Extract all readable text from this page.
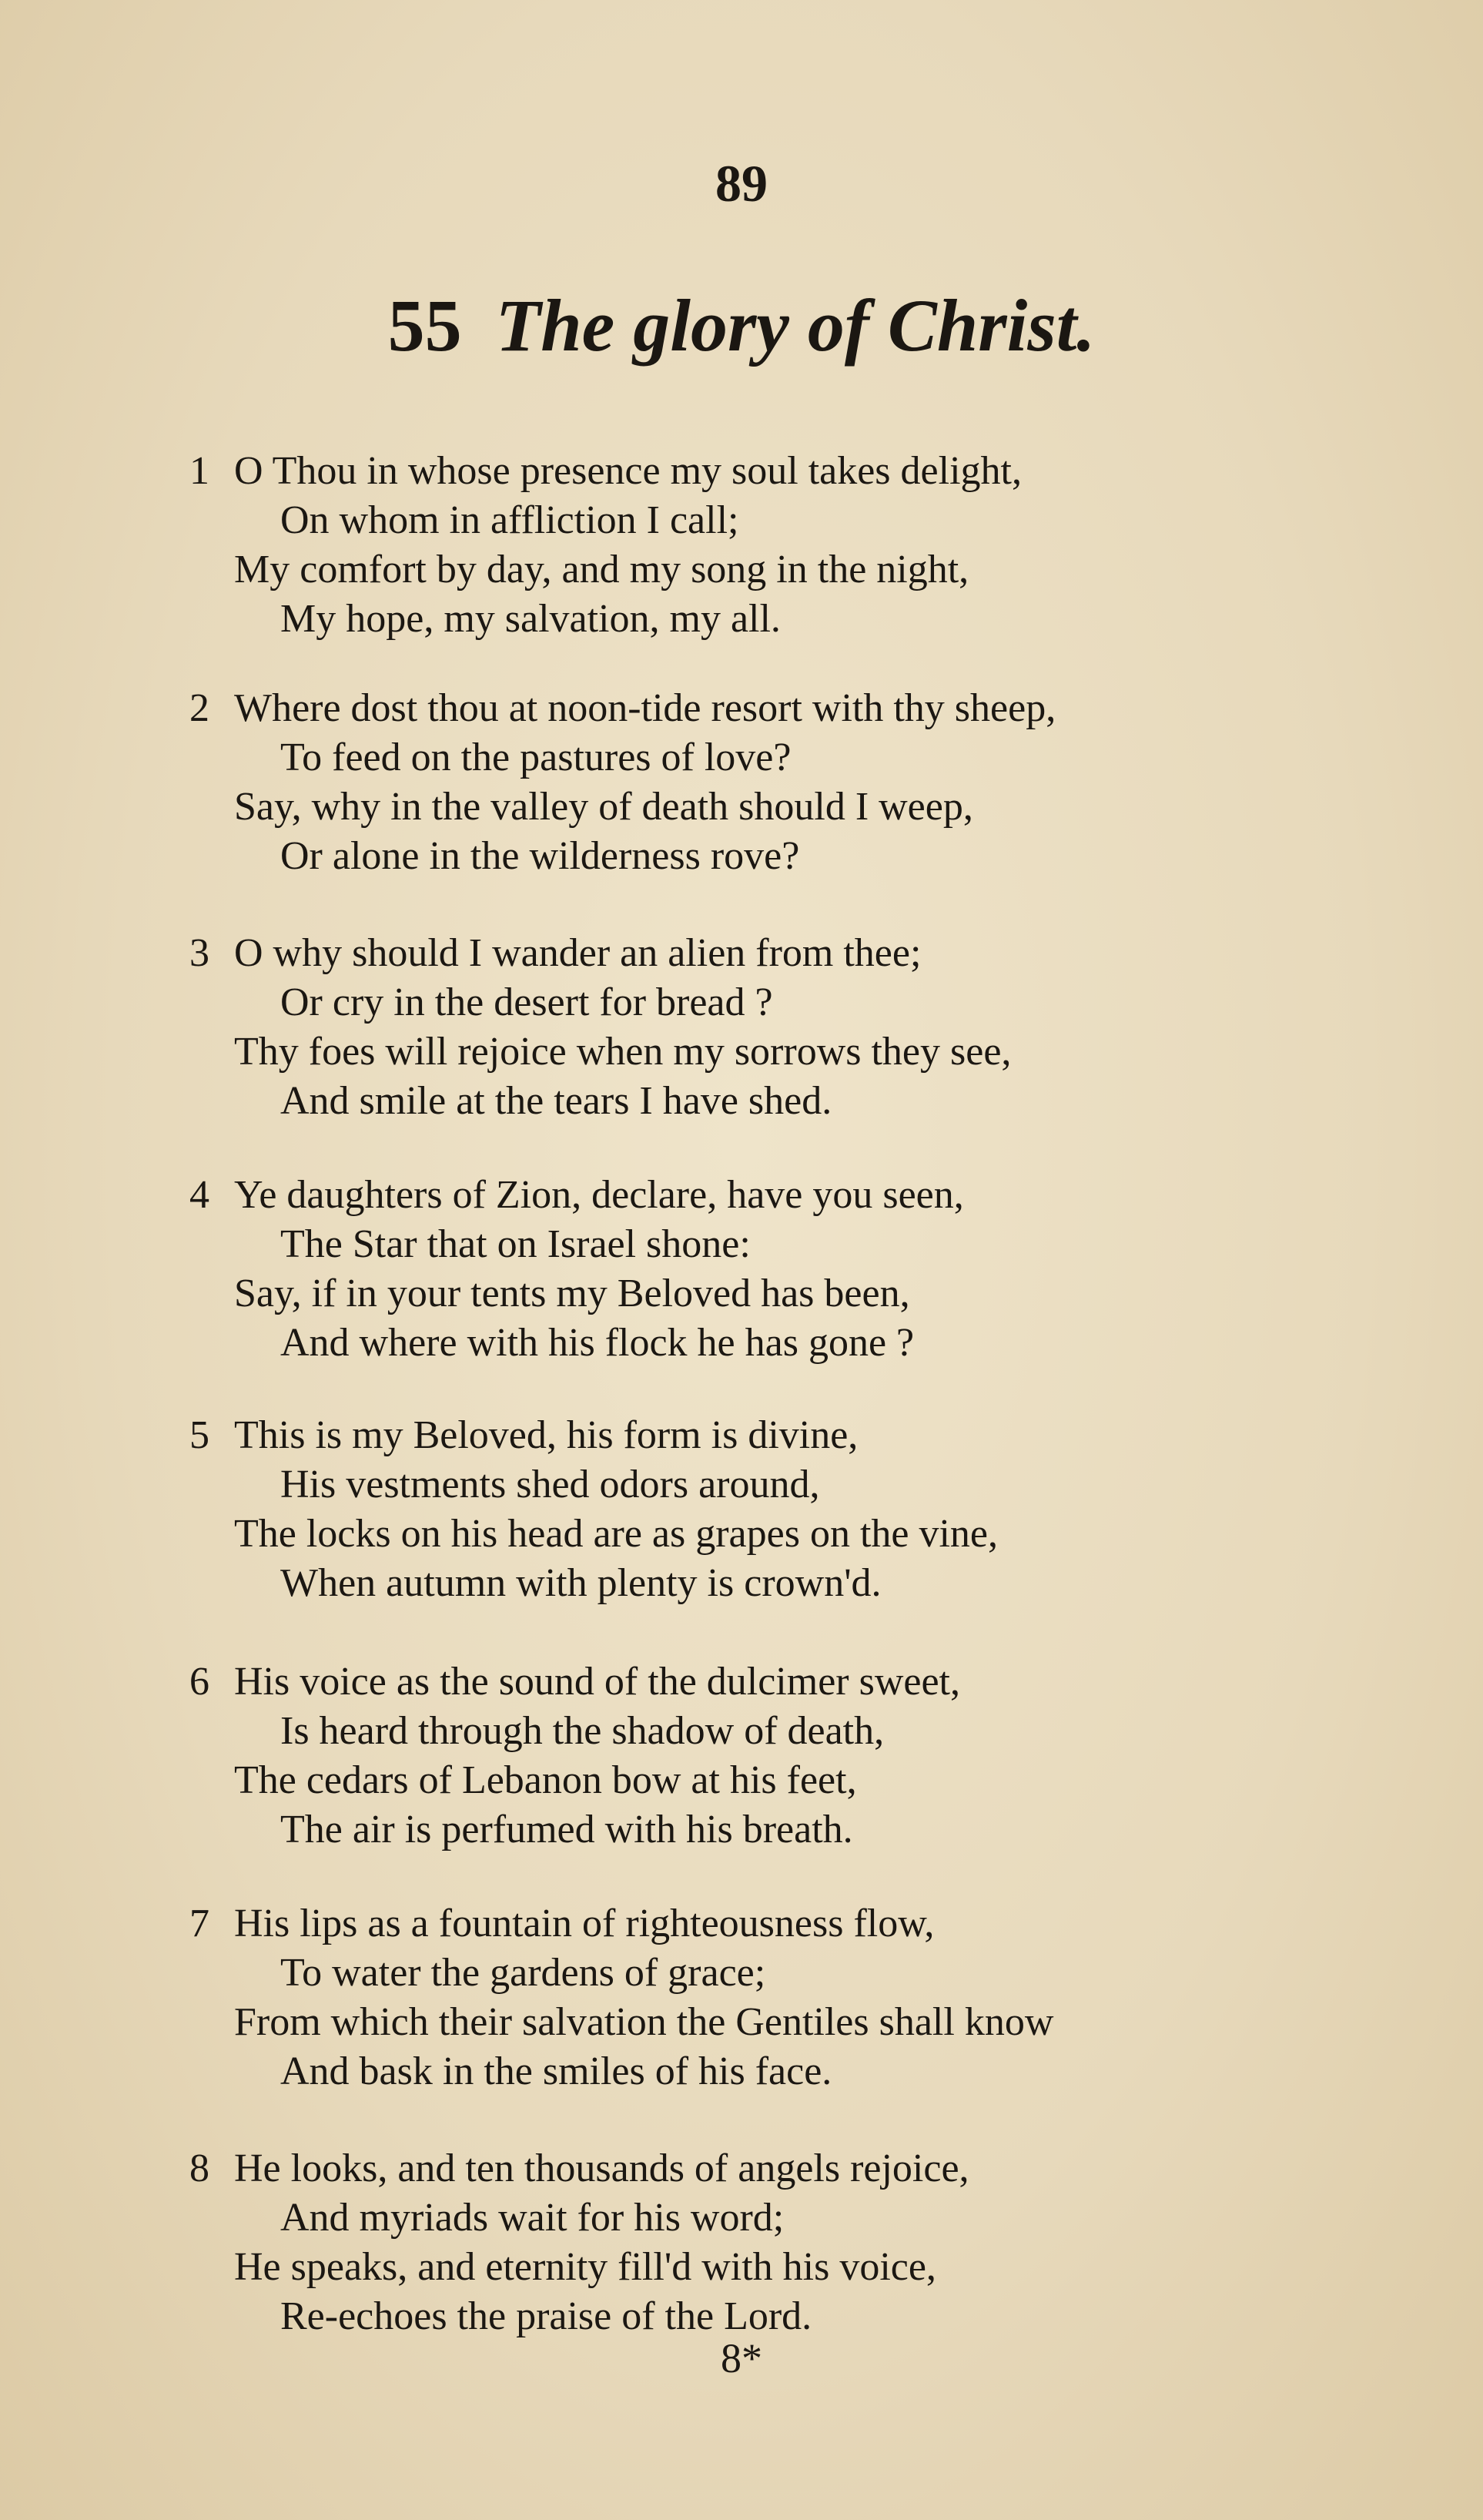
89
55 The glory of Christ.
1 O Thou in whose presence my soul takes delight,
On whom in affliction I call;
My comfort by day, and my song in the night,
My hope, my salvation, my all.
2 Where dost thou at noon-tide resort with thy sheep,
To feed on the pastures of love?
Say, why in the valley of death should I weep,
Or alone in the wilderness rove?
3 O why should I wander an alien from thee;
Or cry in the desert for bread ?
Thy foes will rejoice when my sorrows they see,
And smile at the tears I have shed.
4 Ye daughters of Zion, declare, have you seen,
The Star that on Israel shone:
Say, if in your tents my Beloved has been,
And where with his flock he has gone ?
5 This is my Beloved, his form is divine,
His vestments shed odors around,
The locks on his head are as grapes on the vine,
When autumn with plenty is crown'd.
6 His voice as the sound of the dulcimer sweet,
Is heard through the shadow of death,
The cedars of Lebanon bow at his feet,
The air is perfumed with his breath.
7 His lips as a fountain of righteousness flow,
To water the gardens of grace;
From which their salvation the Gentiles shall know
And bask in the smiles of his face.
8 He looks, and ten thousands of angels rejoice,
And myriads wait for his word;
He speaks, and eternity fill'd with his voice,
Re-echoes the praise of the Lord.
8*
